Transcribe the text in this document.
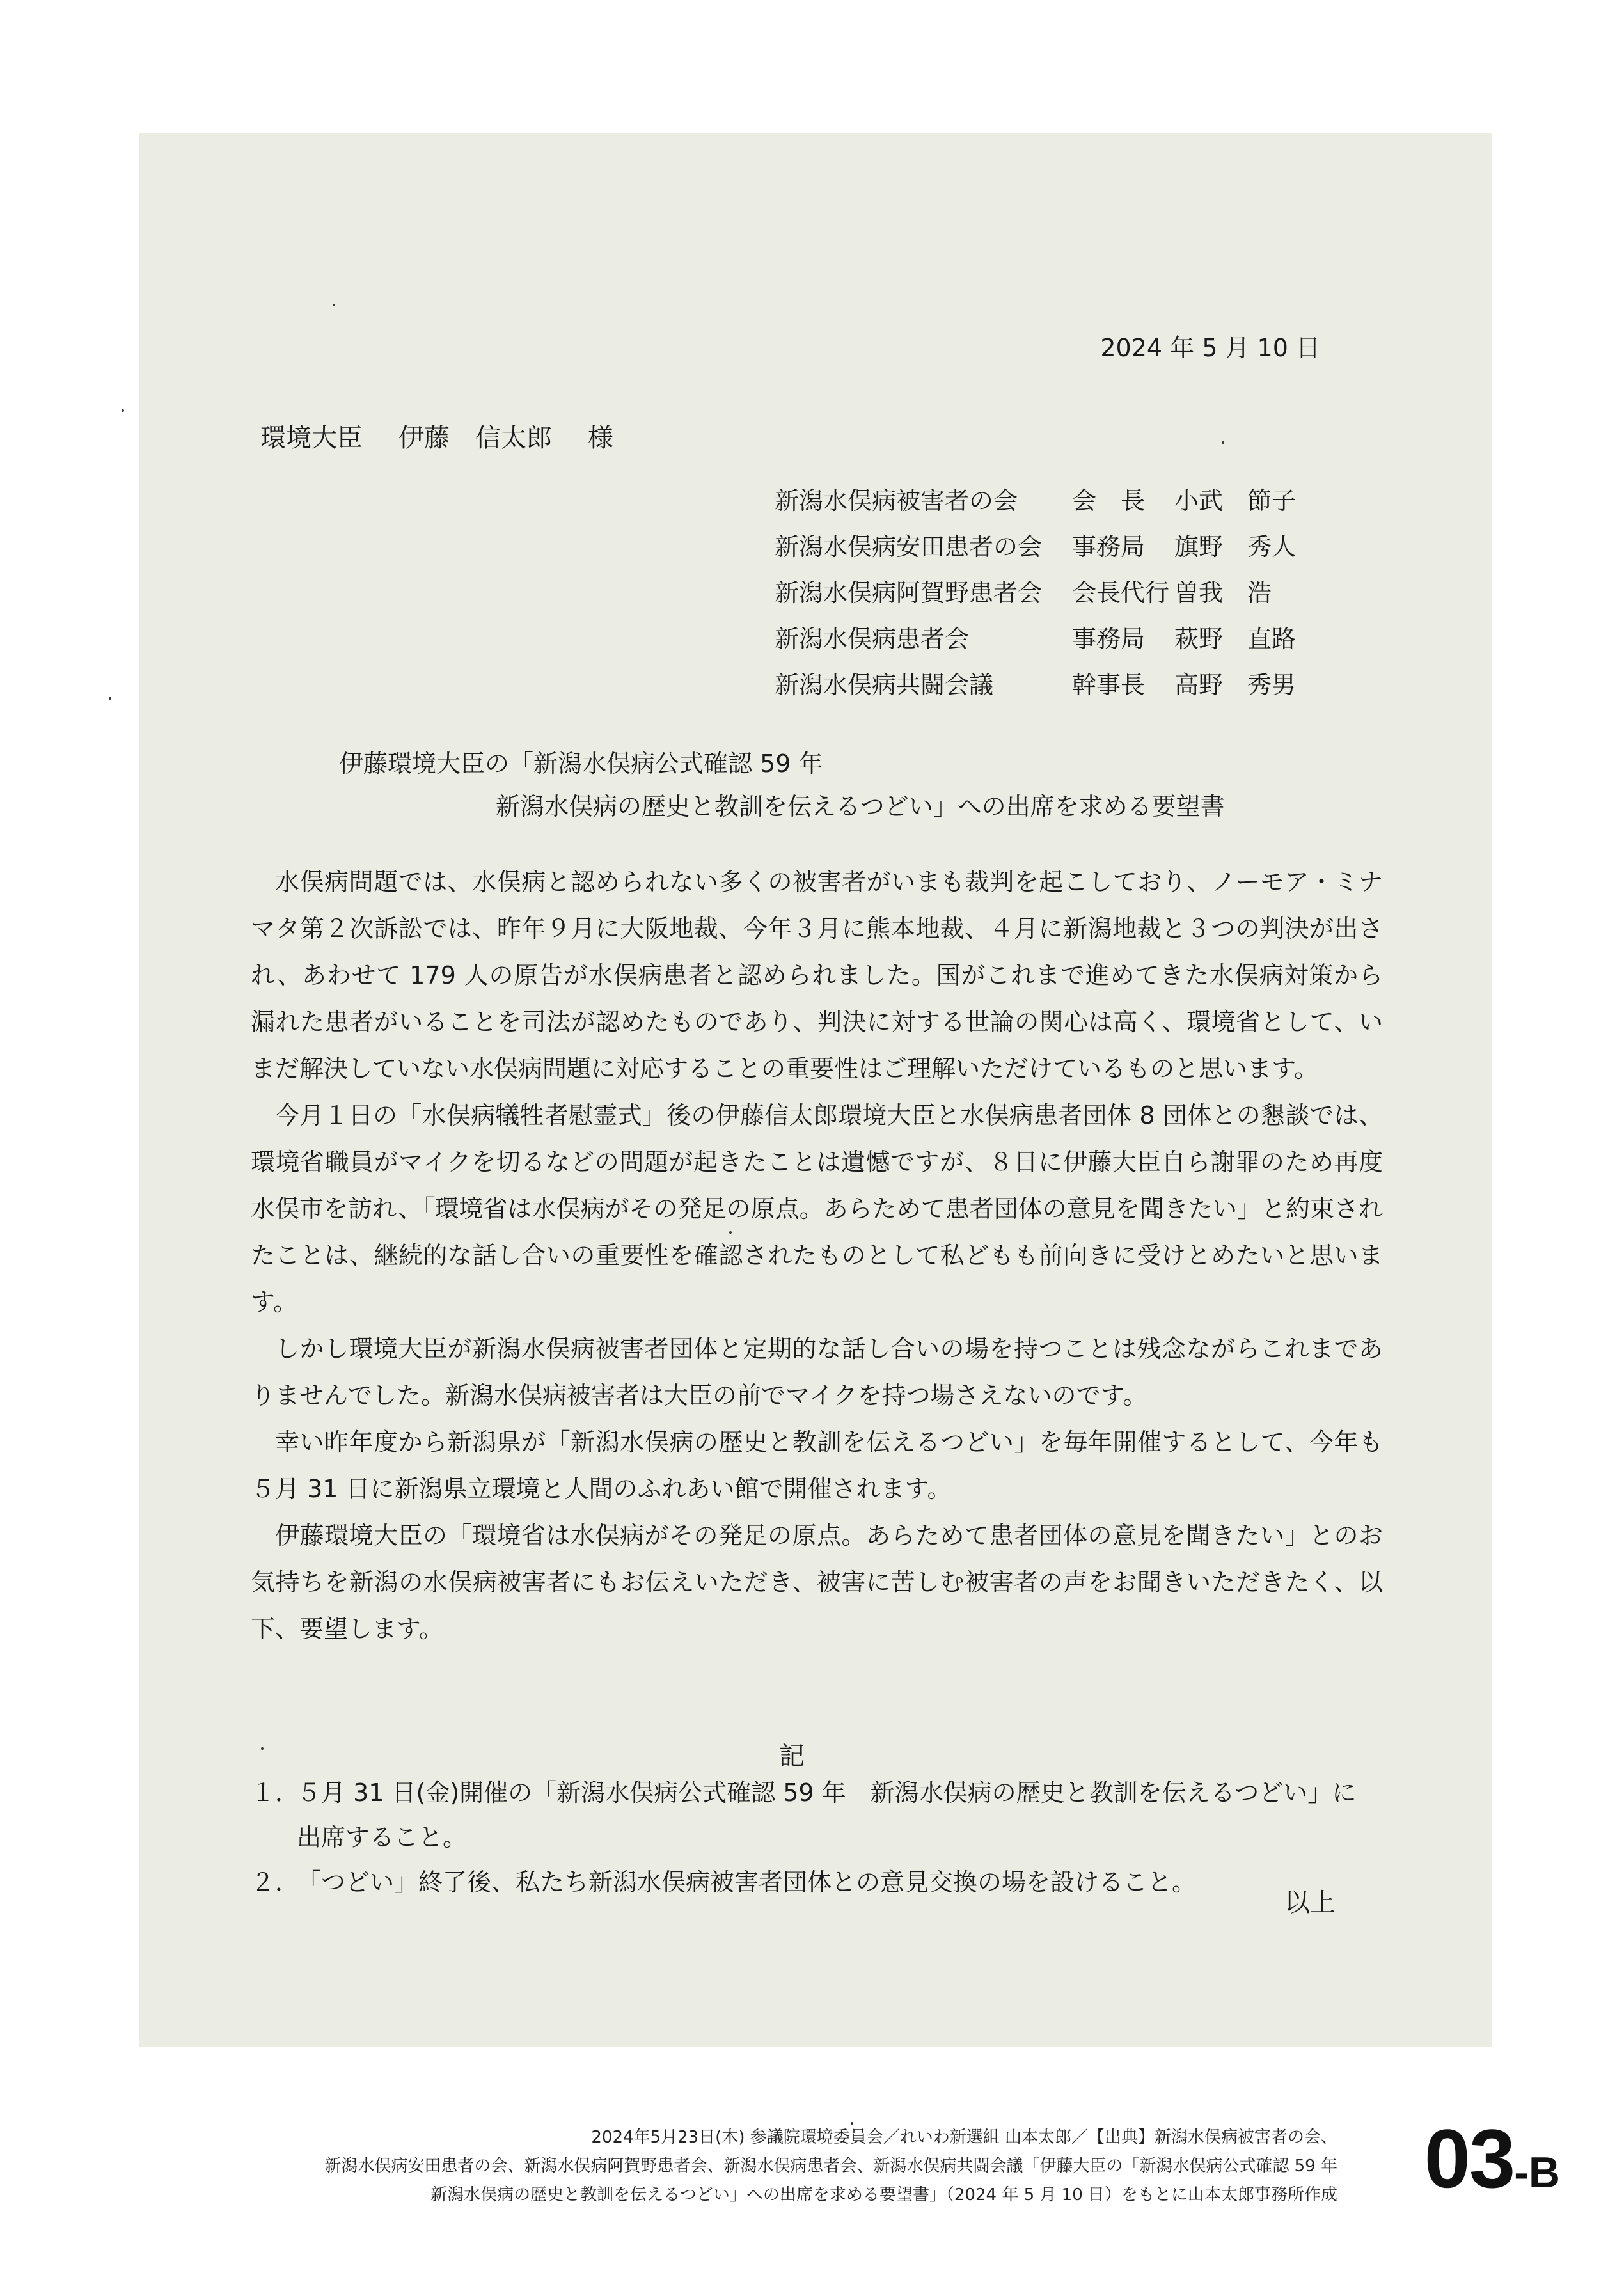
2024 年 5 月 10 日
環境大臣 伊藤　信太郎 様
新潟水俣病被害者の会	会　長	小武　節子
新潟水俣病安田患者の会	事務局	旗野　秀人
新潟水俣病阿賀野患者会	会長代行 曽我　浩
新潟水俣病患者会	事務局	萩野　直路
新潟水俣病共闘会議	幹事長	高野　秀男
伊藤環境大臣の「新潟水俣病公式確認 59 年
新潟水俣病の歴史と教訓を伝えるつどい」への出席を求める要望書

水俣病問題では、水俣病と認められない多くの被害者がいまも裁判を起こしており、ノーモア・ミナマタ第２次訴訟では、昨年９月に大阪地裁、今年３月に熊本地裁、４月に新潟地裁と３つの判決が出され、あわせて 179 人の原告が水俣病患者と認められました。国がこれまで進めてきた水俣病対策から漏れた患者がいることを司法が認めたものであり、判決に対する世論の関心は高く、環境省として、いまだ解決していない水俣病問題に対応することの重要性はご理解いただけているものと思います。

今月１日の「水俣病犠牲者慰霊式」後の伊藤信太郎環境大臣と水俣病患者団体 8 団体との懇談では、環境省職員がマイクを切るなどの問題が起きたことは遺憾ですが、８日に伊藤大臣自ら謝罪のため再度水俣市を訪れ、「環境省は水俣病がその発足の原点。あらためて患者団体の意見を聞きたい」と約束されたことは、継続的な話し合いの重要性を確認されたものとして私どもも前向きに受けとめたいと思います。

しかし環境大臣が新潟水俣病被害者団体と定期的な話し合いの場を持つことは残念ながらこれまでありませんでした。新潟水俣病被害者は大臣の前でマイクを持つ場さえないのです。

幸い昨年度から新潟県が「新潟水俣病の歴史と教訓を伝えるつどい」を毎年開催するとして、今年も５月 31 日に新潟県立環境と人間のふれあい館で開催されます。

伊藤環境大臣の「環境省は水俣病がその発足の原点。あらためて患者団体の意見を聞きたい」とのお気持ちを新潟の水俣病被害者にもお伝えいただき、被害に苦しむ被害者の声をお聞きいただきたく、以下、要望します。

記
１．
５月 31 日(金)開催の「新潟水俣病公式確認 59 年　新潟水俣病の歴史と教訓を伝えるつどい」に出席すること。
２．
「つどい」終了後、私たち新潟水俣病被害者団体との意見交換の場を設けること。
以上
2024年5月23日(木) 参議院環境委員会／れいわ新選組 山本太郎／【出典】新潟水俣病被害者の会、
新潟水俣病安田患者の会、新潟水俣病阿賀野患者会、新潟水俣病患者会、新潟水俣病共闘会議「伊藤大臣の「新潟水俣病公式確認 59 年
新潟水俣病の歴史と教訓を伝えるつどい」への出席を求める要望書」（2024 年 5 月 10 日）をもとに山本太郎事務所作成 03-B
